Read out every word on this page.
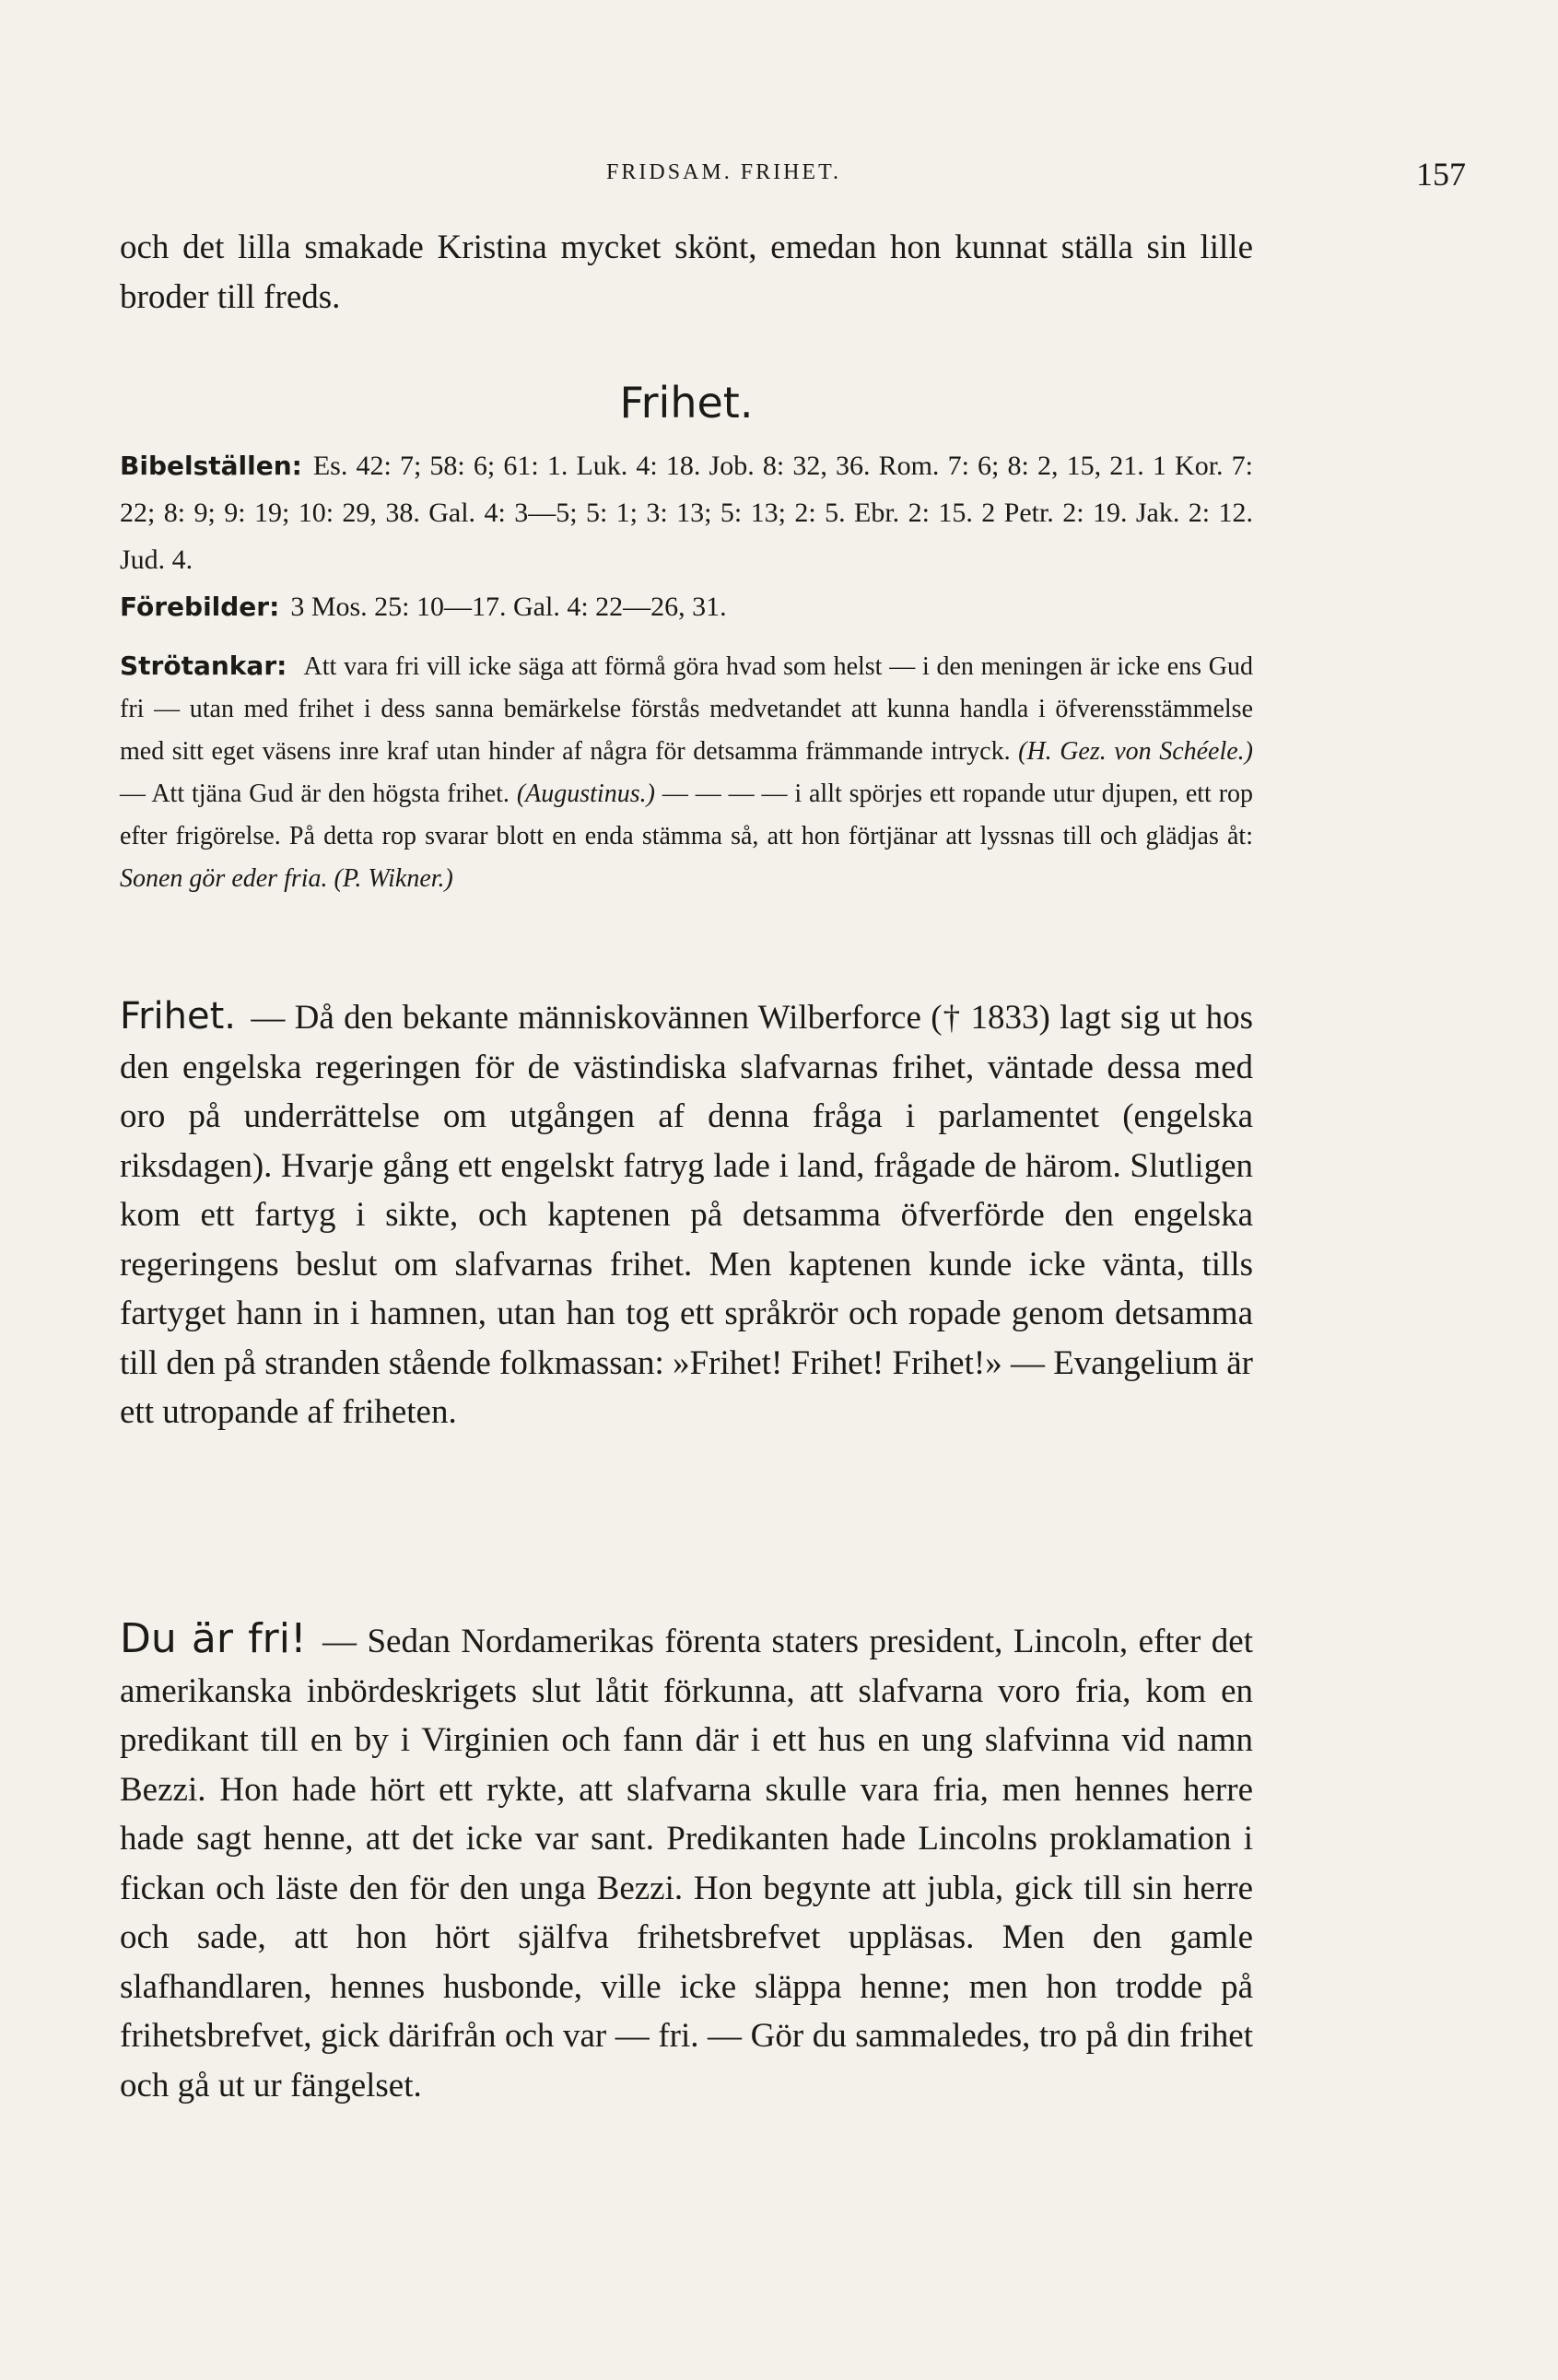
FRIDSAM. FRIHET.	157

och det lilla smakade Kristina mycket skönt, emedan hon kunnat ställa sin lille broder till freds.

Frihet.

Bibelställen: Es. 42: 7; 58: 6; 61: 1. Luk. 4: 18. Job. 8: 32, 36. Rom. 7: 6; 8: 2, 15, 21. 1 Kor. 7: 22; 8: 9; 9: 19; 10: 29, 38. Gal. 4: 3—5; 5: 1; 3: 13; 5: 13; 2: 5. Ebr. 2: 15. 2 Petr. 2: 19. Jak. 2: 12. Jud. 4.

Förebilder: 3 Mos. 25: 10—17. Gal. 4: 22—26, 31.

Strötankar: Att vara fri vill icke säga att förmå göra hvad som helst — i den meningen är icke ens Gud fri — utan med frihet i dess sanna bemärkelse förstås medvetandet att kunna handla i öfverensstämmelse med sitt eget väsens inre kraf utan hinder af några för detsamma främmande intryck. (H. Gez. von Schéele.) — Att tjäna Gud är den högsta frihet. (Augustinus.) — — — — i allt spörjes ett ropande utur djupen, ett rop efter frigörelse. På detta rop svarar blott en enda stämma så, att hon förtjänar att lyssnas till och glädjas åt: Sonen gör eder fria. (P. Wikner.)

Frihet. — Då den bekante människovännen Wilberforce († 1833) lagt sig ut hos den engelska regeringen för de västindiska slafvarnas frihet, väntade dessa med oro på underrättelse om utgången af denna fråga i parlamentet (engelska riksdagen). Hvarje gång ett engelskt fatryg lade i land, frågade de härom. Slutligen kom ett fartyg i sikte, och kaptenen på detsamma öfverförde den engelska regeringens beslut om slafvarnas frihet. Men kaptenen kunde icke vänta, tills fartyget hann in i hamnen, utan han tog ett språkrör och ropade genom detsamma till den på stranden stående folkmassan: »Frihet! Frihet! Frihet!» — Evangelium är ett utropande af friheten.

Du är fri! — Sedan Nordamerikas förenta staters president, Lincoln, efter det amerikanska inbördeskrigets slut låtit förkunna, att slafvarna voro fria, kom en predikant till en by i Virginien och fann där i ett hus en ung slafvinna vid namn Bezzi. Hon hade hört ett rykte, att slafvarna skulle vara fria, men hennes herre hade sagt henne, att det icke var sant. Predikanten hade Lincolns proklamation i fickan och läste den för den unga Bezzi. Hon begynte att jubla, gick till sin herre och sade, att hon hört själfva frihetsbrefvet uppläsas. Men den gamle slafhandlaren, hennes husbonde, ville icke släppa henne; men hon trodde på frihetsbrefvet, gick därifrån och var — fri. — Gör du sammaledes, tro på din frihet och gå ut ur fängelset.
